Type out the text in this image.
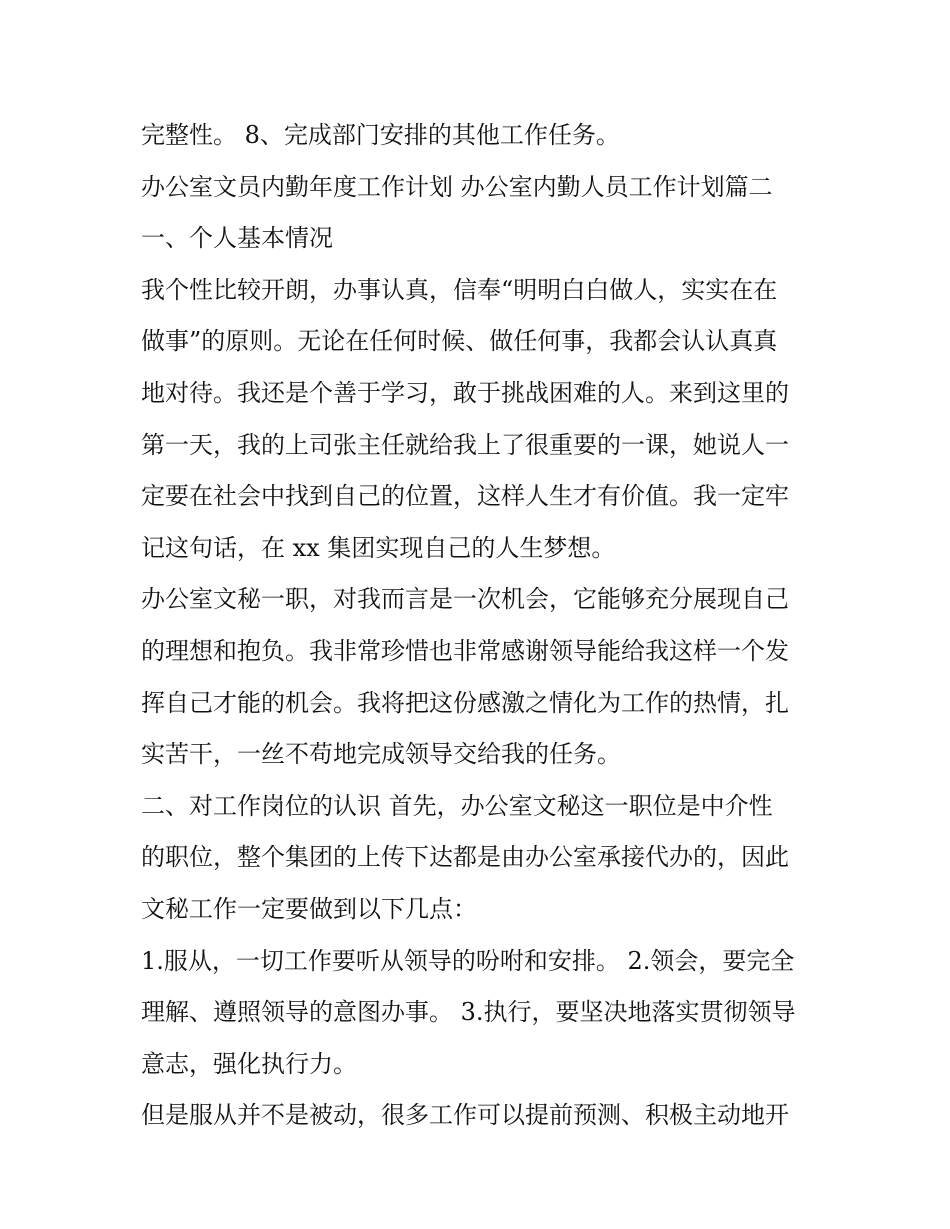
完整性。 8、完成部门安排的其他工作任务。
办公室文员内勤年度工作计划 办公室内勤人员工作计划篇二
一、个人基本情况
我个性比较开朗，办事认真，信奉“明明白白做人，实实在在
做事”的原则。无论在任何时候、做任何事，我都会认认真真
地对待。我还是个善于学习，敢于挑战困难的人。来到这里的
第一天，我的上司张主任就给我上了很重要的一课，她说人一
定要在社会中找到自己的位置，这样人生才有价值。我一定牢
记这句话，在 xx 集团实现自己的人生梦想。
办公室文秘一职，对我而言是一次机会，它能够充分展现自己
的理想和抱负。我非常珍惜也非常感谢领导能给我这样一个发
挥自己才能的机会。我将把这份感激之情化为工作的热情，扎
实苦干，一丝不苟地完成领导交给我的任务。
二、对工作岗位的认识 首先，办公室文秘这一职位是中介性
的职位，整个集团的上传下达都是由办公室承接代办的，因此
文秘工作一定要做到以下几点：
1.服从，一切工作要听从领导的吩咐和安排。 2.领会，要完全
理解、遵照领导的意图办事。 3.执行，要坚决地落实贯彻领导
意志，强化执行力。
但是服从并不是被动，很多工作可以提前预测、积极主动地开
